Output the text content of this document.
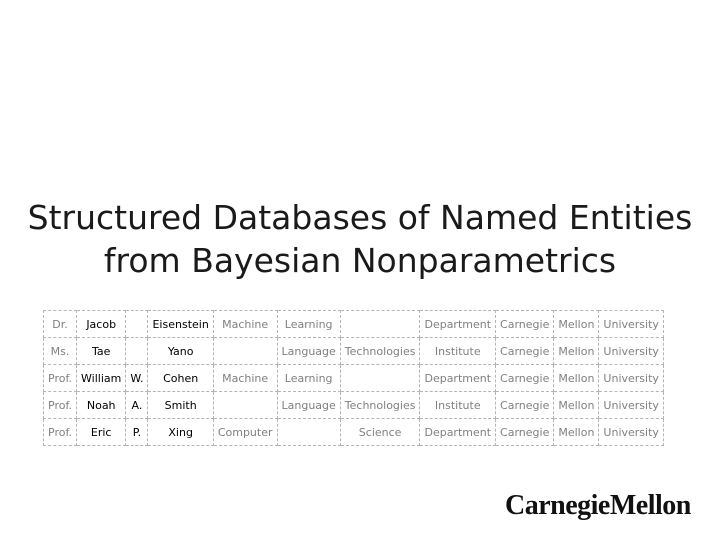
Structured Databases of Named Entities
from Bayesian Nonparametrics
Dr.	Jacob		Eisenstein	Machine	Learning		Department	Carnegie	Mellon	University
Ms.	Tae		Yano		Language	Technologies	Institute	Carnegie	Mellon	University
Prof.	William	W.	Cohen	Machine	Learning		Department	Carnegie	Mellon	University
Prof.	Noah	A.	Smith		Language	Technologies	Institute	Carnegie	Mellon	University
Prof.	Eric	P.	Xing	Computer		Science	Department	Carnegie	Mellon	University
CarnegieMellon
